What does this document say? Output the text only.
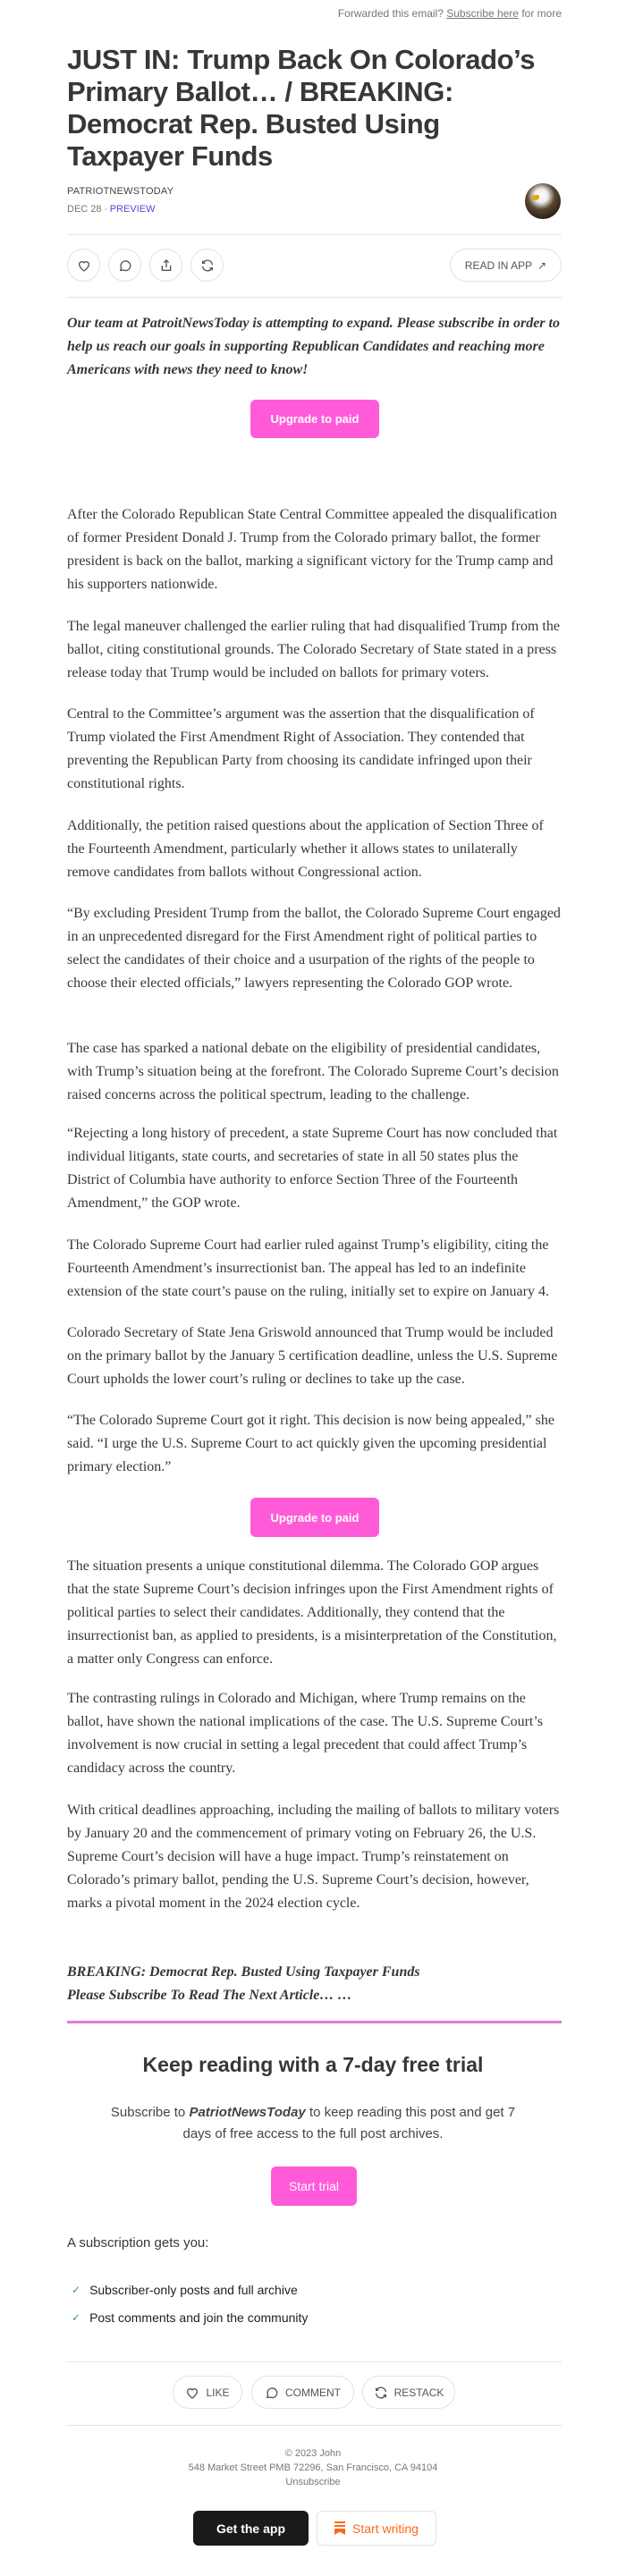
Forwarded this email? Subscribe here for more
JUST IN: Trump Back On Colorado’s Primary Ballot… / BREAKING: Democrat Rep. Busted Using Taxpayer Funds
PATRIOTNEWSTODAY
DEC 28 ∙ PREVIEW
READ IN APP ↗

Our team at PatroitNewsToday is attempting to expand. Please subscribe in order to help us reach our goals in supporting Republican Candidates and reaching more Americans with news they need to know!

Upgrade to paid

After the Colorado Republican State Central Committee appealed the disqualification of former President Donald J. Trump from the Colorado primary ballot, the former president is back on the ballot, marking a significant victory for the Trump camp and his supporters nationwide.

The legal maneuver challenged the earlier ruling that had disqualified Trump from the ballot, citing constitutional grounds. The Colorado Secretary of State stated in a press release today that Trump would be included on ballots for primary voters.

Central to the Committee’s argument was the assertion that the disqualification of Trump violated the First Amendment Right of Association. They contended that preventing the Republican Party from choosing its candidate infringed upon their constitutional rights.

Additionally, the petition raised questions about the application of Section Three of the Fourteenth Amendment, particularly whether it allows states to unilaterally remove candidates from ballots without Congressional action.

“By excluding President Trump from the ballot, the Colorado Supreme Court engaged in an unprecedented disregard for the First Amendment right of political parties to select the candidates of their choice and a usurpation of the rights of the people to choose their elected officials,” lawyers representing the Colorado GOP wrote.

The case has sparked a national debate on the eligibility of presidential candidates, with Trump’s situation being at the forefront. The Colorado Supreme Court’s decision raised concerns across the political spectrum, leading to the challenge.

“Rejecting a long history of precedent, a state Supreme Court has now concluded that individual litigants, state courts, and secretaries of state in all 50 states plus the District of Columbia have authority to enforce Section Three of the Fourteenth Amendment,” the GOP wrote.

The Colorado Supreme Court had earlier ruled against Trump’s eligibility, citing the Fourteenth Amendment’s insurrectionist ban. The appeal has led to an indefinite extension of the state court’s pause on the ruling, initially set to expire on January 4.

Colorado Secretary of State Jena Griswold announced that Trump would be included on the primary ballot by the January 5 certification deadline, unless the U.S. Supreme Court upholds the lower court’s ruling or declines to take up the case.

“The Colorado Supreme Court got it right. This decision is now being appealed,” she said. “I urge the U.S. Supreme Court to act quickly given the upcoming presidential primary election.”

Upgrade to paid

The situation presents a unique constitutional dilemma. The Colorado GOP argues that the state Supreme Court’s decision infringes upon the First Amendment rights of political parties to select their candidates. Additionally, they contend that the insurrectionist ban, as applied to presidents, is a misinterpretation of the Constitution, a matter only Congress can enforce.

The contrasting rulings in Colorado and Michigan, where Trump remains on the ballot, have shown the national implications of the case. The U.S. Supreme Court’s involvement is now crucial in setting a legal precedent that could affect Trump’s candidacy across the country.

With critical deadlines approaching, including the mailing of ballots to military voters by January 20 and the commencement of primary voting on February 26, the U.S. Supreme Court’s decision will have a huge impact. Trump’s reinstatement on Colorado’s primary ballot, pending the U.S. Supreme Court’s decision, however, marks a pivotal moment in the 2024 election cycle.

BREAKING: Democrat Rep. Busted Using Taxpayer Funds
Please Subscribe To Read The Next Article… …
Keep reading with a 7-day free trial
Subscribe to PatriotNewsToday to keep reading this post and get 7 days of free access to the full post archives.
Start trial
A subscription gets you:
✓ Subscriber-only posts and full archive
✓ Post comments and join the community
LIKE	COMMENT	RESTACK
© 2023 John
548 Market Street PMB 72296, San Francisco, CA 94104
Unsubscribe
Get the app	Start writing
